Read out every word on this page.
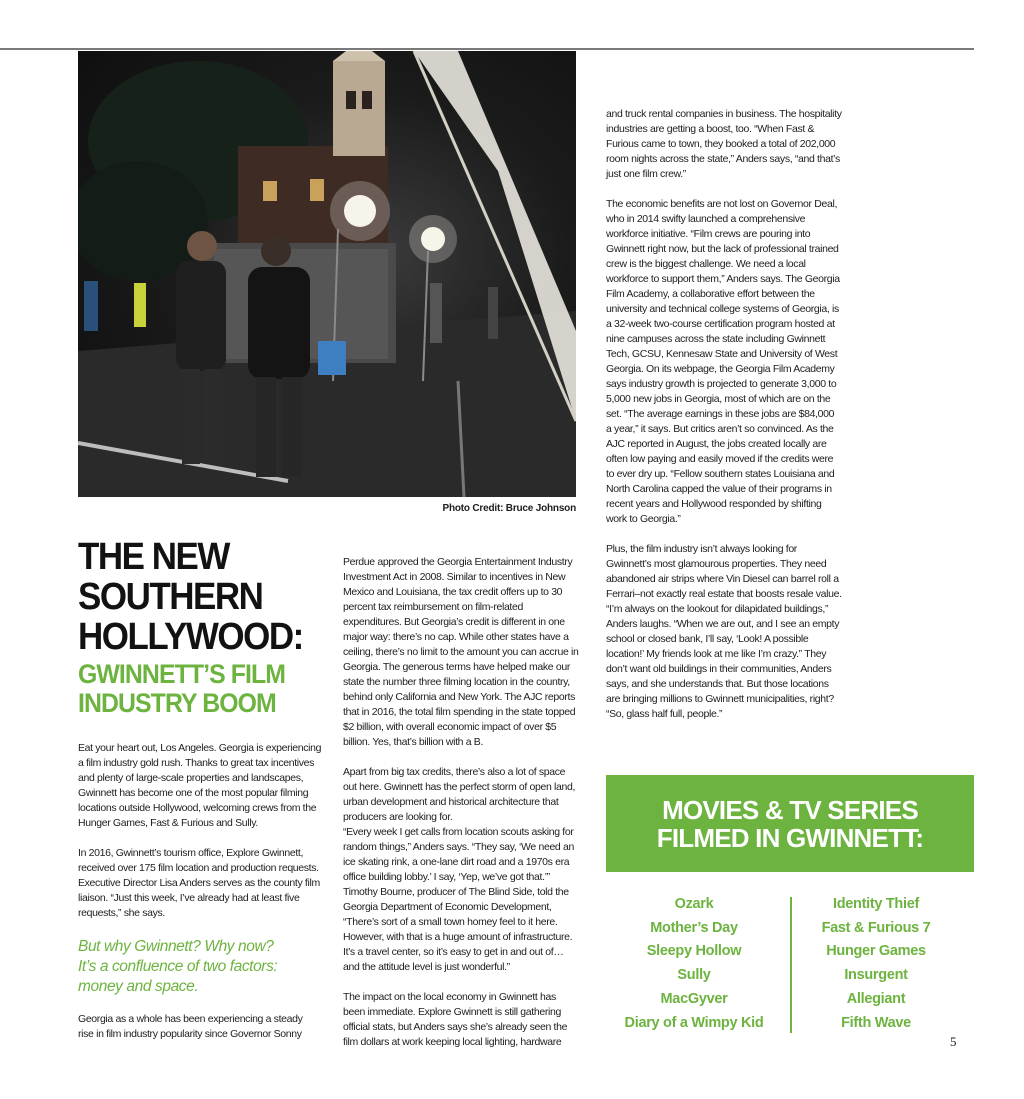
Photo Credit: Bruce Johnson
THE NEW
SOUTHERN
HOLLYWOOD:
GWINNETT’S FILM
INDUSTRY BOOM

Eat your heart out, Los Angeles. Georgia is experiencing a film industry gold rush. Thanks to great tax incentives and plenty of large-scale properties and landscapes, Gwinnett has become one of the most popular filming locations outside Hollywood, welcoming crews from the Hunger Games, Fast & Furious and Sully.

In 2016, Gwinnett’s tourism office, Explore Gwinnett, received over 175 film location and production requests. Executive Director Lisa Anders serves as the county film liaison. “Just this week, I’ve already had at least five requests,” she says.

But why Gwinnett? Why now?
It’s a confluence of two factors:
money and space.

Georgia as a whole has been experiencing a steady rise in film industry popularity since Governor Sonny

Perdue approved the Georgia Entertainment Industry Investment Act in 2008. Similar to incentives in New Mexico and Louisiana, the tax credit offers up to 30 percent tax reimbursement on film-related expenditures. But Georgia’s credit is different in one major way: there’s no cap. While other states have a ceiling, there’s no limit to the amount you can accrue in Georgia. The generous terms have helped make our state the number three filming location in the country, behind only California and New York. The AJC reports that in 2016, the total film spending in the state topped $2 billion, with overall economic impact of over $5 billion. Yes, that’s billion with a B.

Apart from big tax credits, there’s also a lot of space out here. Gwinnett has the perfect storm of open land, urban development and historical architecture that producers are looking for.

“Every week I get calls from location scouts asking for random things,” Anders says. “They say, ‘We need an ice skating rink, a one-lane dirt road and a 1970s era office building lobby.’ I say, ‘Yep, we’ve got that.’” Timothy Bourne, producer of The Blind Side, told the Georgia Department of Economic Development, “There’s sort of a small town homey feel to it here. However, with that is a huge amount of infrastructure. It’s a travel center, so it’s easy to get in and out of…and the attitude level is just wonderful.”

The impact on the local economy in Gwinnett has been immediate. Explore Gwinnett is still gathering official stats, but Anders says she’s already seen the film dollars at work keeping local lighting, hardware

and truck rental companies in business. The hospitality industries are getting a boost, too. “When Fast & Furious came to town, they booked a total of 202,000 room nights across the state,” Anders says, “and that’s just one film crew.”

The economic benefits are not lost on Governor Deal, who in 2014 swifty launched a comprehensive workforce initiative. “Film crews are pouring into Gwinnett right now, but the lack of professional trained crew is the biggest challenge. We need a local workforce to support them,” Anders says. The Georgia Film Academy, a collaborative effort between the university and technical college systems of Georgia, is a 32-week two-course certification program hosted at nine campuses across the state including Gwinnett Tech, GCSU, Kennesaw State and University of West Georgia. On its webpage, the Georgia Film Academy says industry growth is projected to generate 3,000 to 5,000 new jobs in Georgia, most of which are on the set. “The average earnings in these jobs are $84,000 a year,” it says. But critics aren’t so convinced. As the AJC reported in August, the jobs created locally are often low paying and easily moved if the credits were to ever dry up. “Fellow southern states Louisiana and North Carolina capped the value of their programs in recent years and Hollywood responded by shifting work to Georgia.”

Plus, the film industry isn’t always looking for Gwinnett’s most glamourous properties. They need abandoned air strips where Vin Diesel can barrel roll a Ferrari–not exactly real estate that boosts resale value. “I’m always on the lookout for dilapidated buildings,” Anders laughs. “When we are out, and I see an empty school or closed bank, I’ll say, ‘Look! A possible location!’ My friends look at me like I’m crazy.” They don’t want old buildings in their communities, Anders says, and she understands that. But those locations are bringing millions to Gwinnett municipalities, right? “So, glass half full, people.”

MOVIES & TV SERIES
FILMED IN GWINNETT:
Ozark
Mother’s Day
Sleepy Hollow
Sully
MacGyver
Diary of a Wimpy Kid
Identity Thief
Fast & Furious 7
Hunger Games
Insurgent
Allegiant
Fifth Wave
5
